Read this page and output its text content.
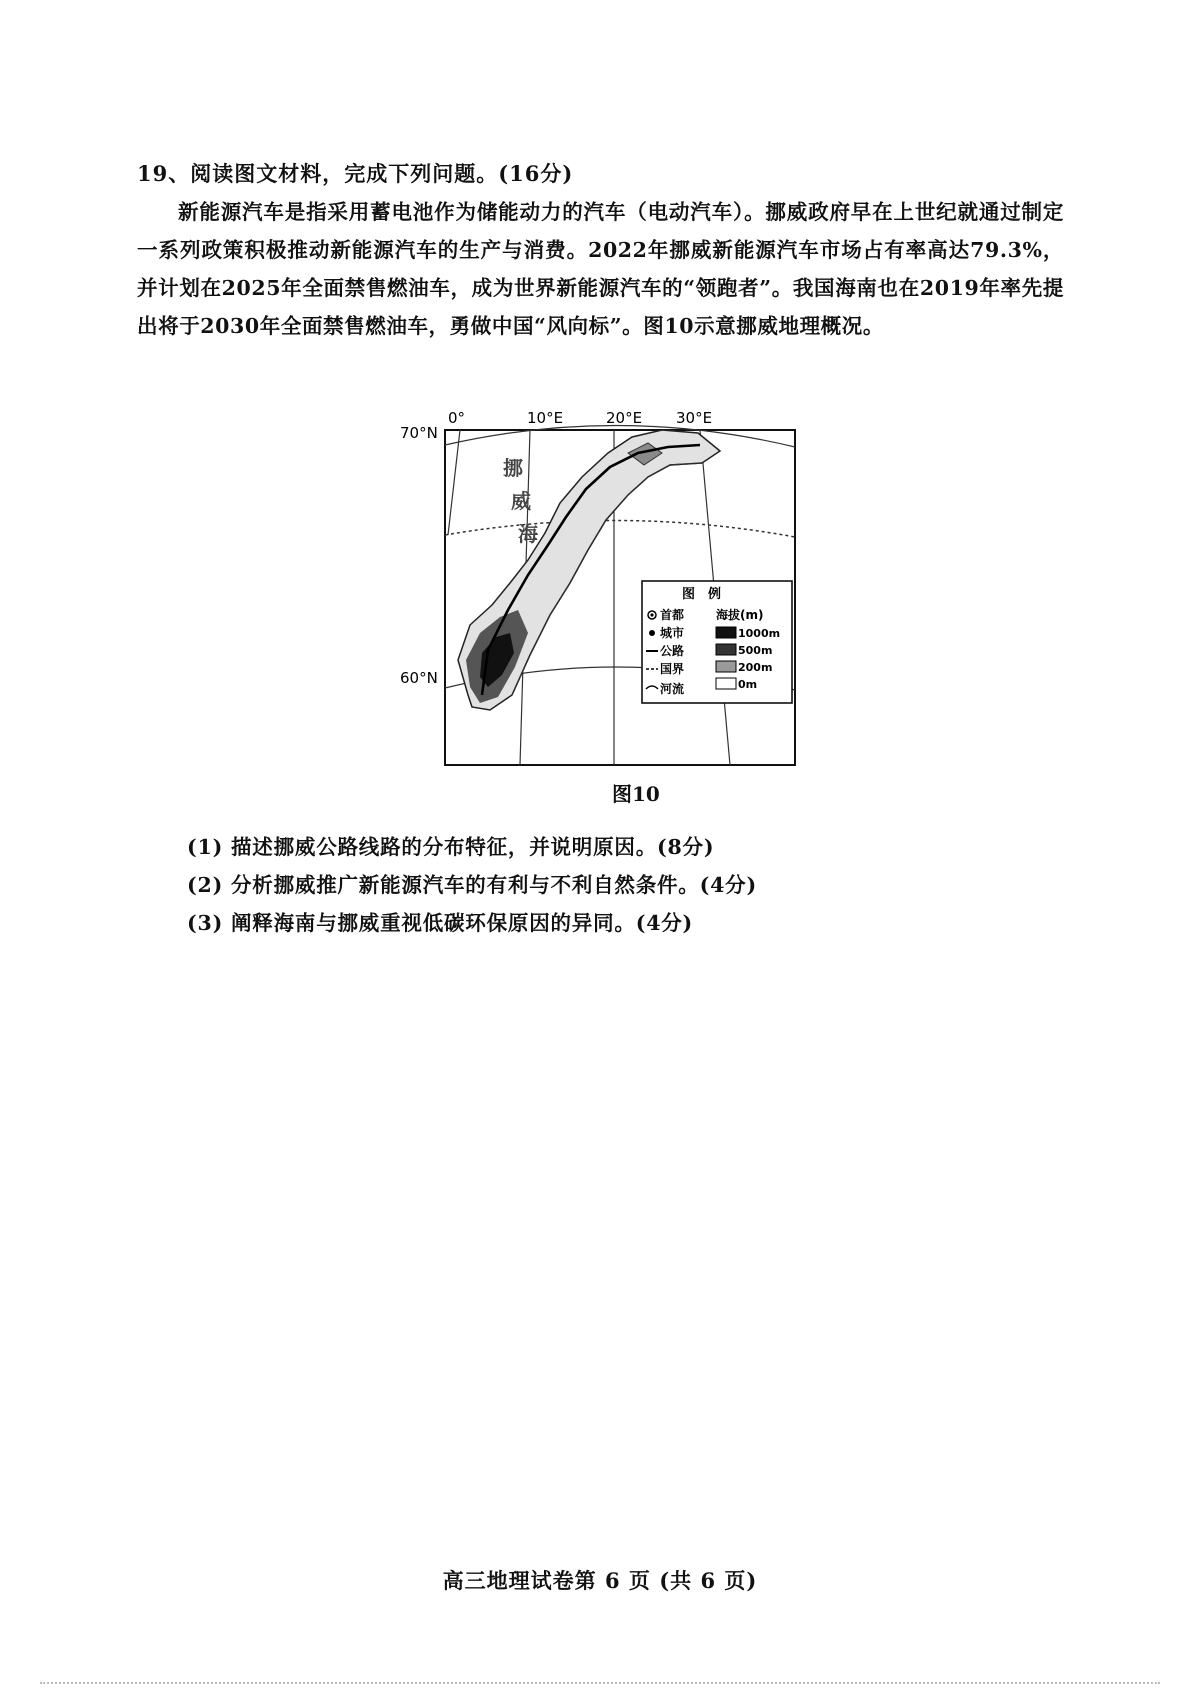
19、阅读图文材料，完成下列问题。(16分)
新能源汽车是指采用蓄电池作为储能动力的汽车（电动汽车）。挪威政府早在上世纪就通过制定一系列政策积极推动新能源汽车的生产与消费。2022年挪威新能源汽车市场占有率高达79.3%，并计划在2025年全面禁售燃油车，成为世界新能源汽车的“领跑者”。我国海南也在2019年率先提出将于2030年全面禁售燃油车，勇做中国“风向标”。图10示意挪威地理概况。
0°	10°E	20°E 30°E
70°N
60°N
挪
威
海
图　例
首都
城市
公路
国界
河流
海拔(m)
1000m
500m
200m
0m
图10
(1) 描述挪威公路线路的分布特征，并说明原因。(8分)
(2) 分析挪威推广新能源汽车的有利与不利自然条件。(4分)
(3) 阐释海南与挪威重视低碳环保原因的异同。(4分)
高三地理试卷第 6 页 (共 6 页)
